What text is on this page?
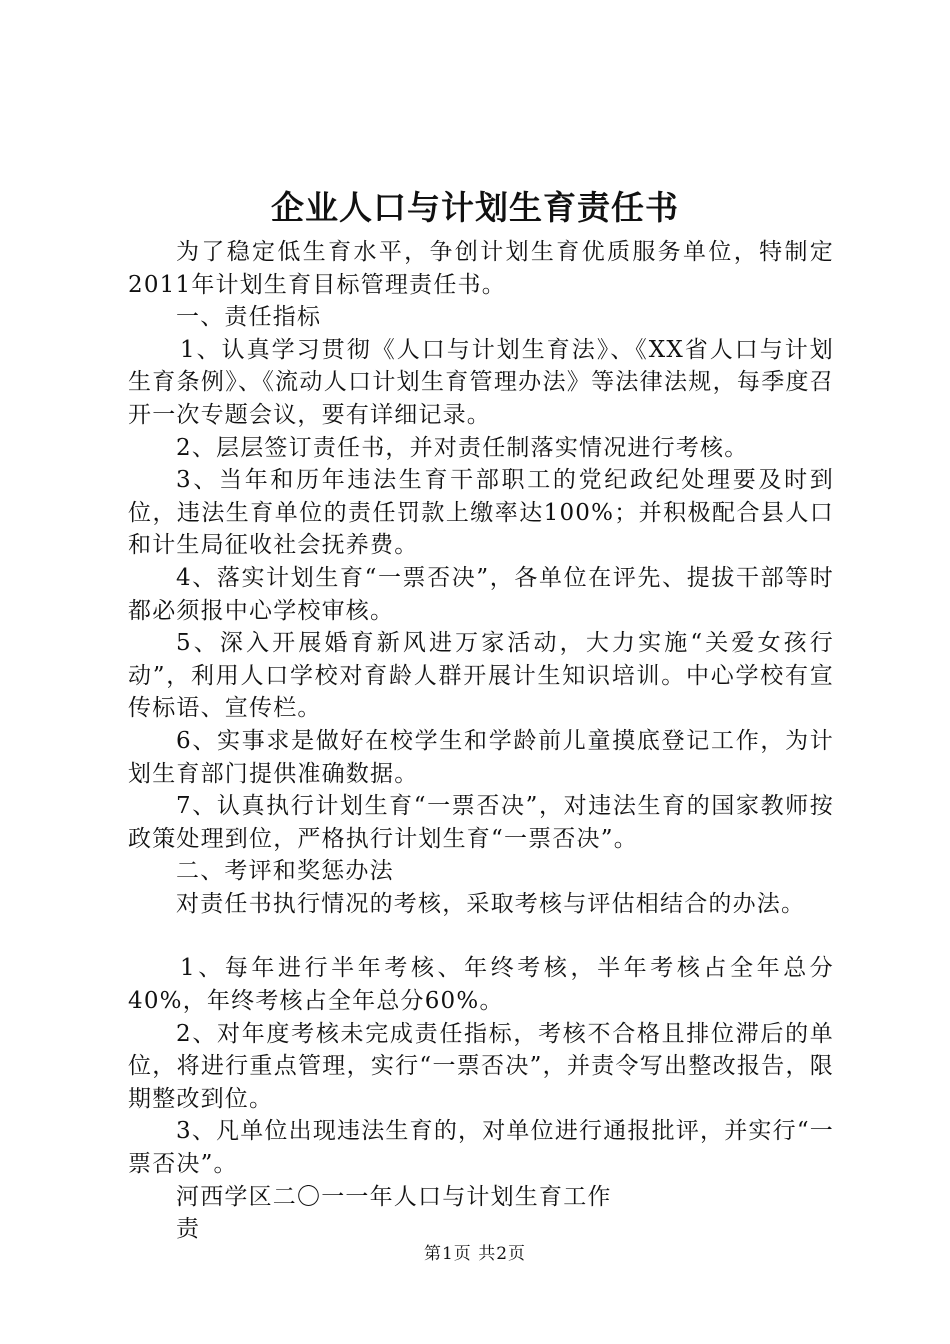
企业人口与计划生育责任书

为了稳定低生育水平，争创计划生育优质服务单位，特制定2011年计划生育目标管理责任书。

一、责任指标

1、认真学习贯彻《人口与计划生育法》、《XX省人口与计划生育条例》、《流动人口计划生育管理办法》等法律法规，每季度召开一次专题会议，要有详细记录。

2、层层签订责任书，并对责任制落实情况进行考核。

3、当年和历年违法生育干部职工的党纪政纪处理要及时到位，违法生育单位的责任罚款上缴率达100%；并积极配合县人口和计生局征收社会抚养费。

4、落实计划生育“一票否决”，各单位在评先、提拔干部等时都必须报中心学校审核。

5、深入开展婚育新风进万家活动，大力实施“关爱女孩行动”，利用人口学校对育龄人群开展计生知识培训。中心学校有宣传标语、宣传栏。

6、实事求是做好在校学生和学龄前儿童摸底登记工作，为计划生育部门提供准确数据。

7、认真执行计划生育“一票否决”，对违法生育的国家教师按政策处理到位，严格执行计划生育“一票否决”。

二、考评和奖惩办法

对责任书执行情况的考核，采取考核与评估相结合的办法。

1、每年进行半年考核、年终考核，半年考核占全年总分40%，年终考核占全年总分60%。

2、对年度考核未完成责任指标，考核不合格且排位滞后的单位，将进行重点管理，实行“一票否决”，并责令写出整改报告，限期整改到位。

3、凡单位出现违法生育的，对单位进行通报批评，并实行“一票否决”。

河西学区二〇一一年人口与计划生育工作

责

第1页 共2页
